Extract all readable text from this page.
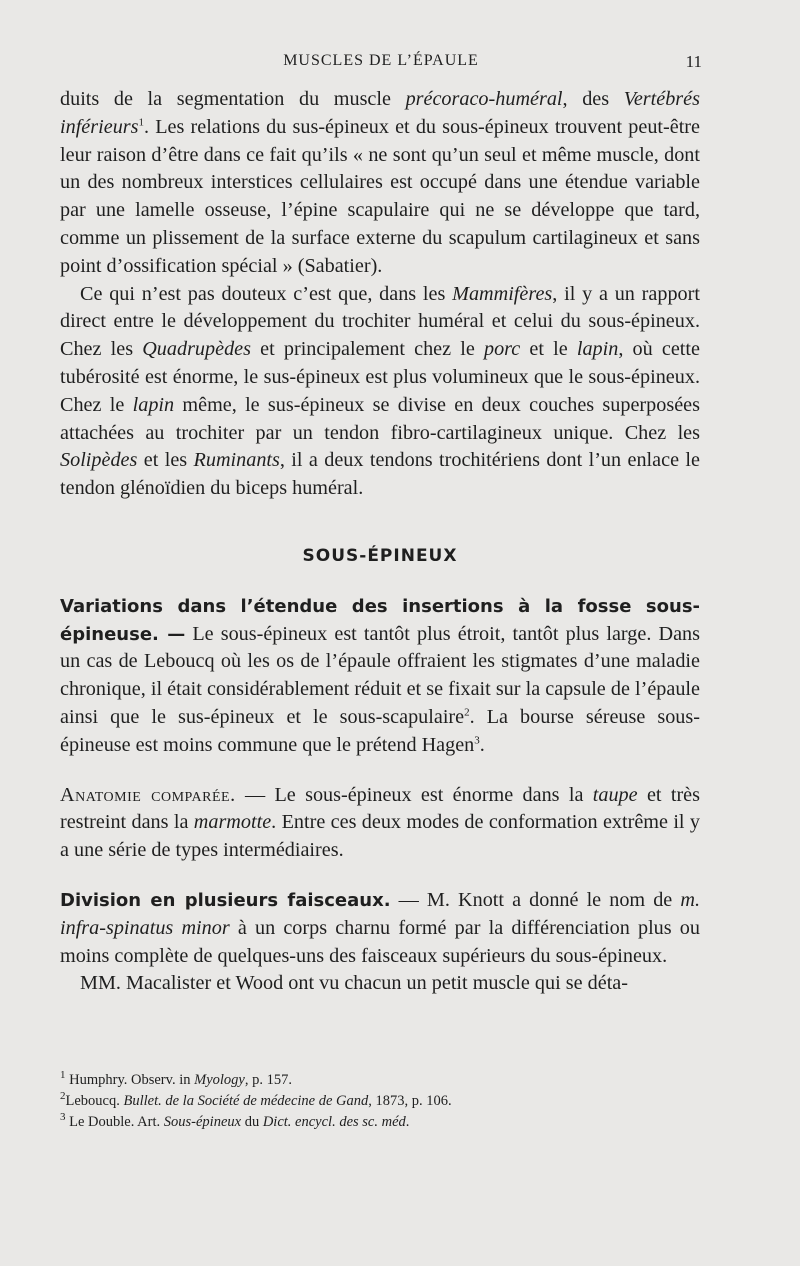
MUSCLES DE L’ÉPAULE	11

duits de la segmentation du muscle précoraco-huméral, des Vertébrés inférieurs$^1$. Les relations du sus-épineux et du sous-épineux trouvent peut-être leur raison d’être dans ce fait qu’ils « ne sont qu’un seul et même muscle, dont un des nombreux interstices cellulaires est occupé dans une étendue variable par une lamelle osseuse, l’épine scapulaire qui ne se développe que tard, comme un plissement de la surface externe du scapulum cartilagineux et sans point d’ossification spécial » (Sabatier).

Ce qui n’est pas douteux c’est que, dans les Mammifères, il y a un rapport direct entre le développement du trochiter huméral et celui du sous-épineux. Chez les Quadrupèdes et principalement chez le porc et le lapin, où cette tubérosité est énorme, le sus-épineux est plus volumineux que le sous-épineux. Chez le lapin même, le sus-épineux se divise en deux couches superposées attachées au trochiter par un tendon fibro-cartilagineux unique. Chez les Solipèdes et les Ruminants, il a deux tendons trochitériens dont l’un enlace le tendon glénoïdien du biceps huméral.

SOUS-ÉPINEUX

Variations dans l’étendue des insertions à la fosse sous-épineuse. — Le sous-épineux est tantôt plus étroit, tantôt plus large. Dans un cas de Leboucq où les os de l’épaule offraient les stigmates d’une maladie chronique, il était considérablement réduit et se fixait sur la capsule de l’épaule ainsi que le sus-épineux et le sous-scapulaire$^2$. La bourse séreuse sous-épineuse est moins commune que le prétend Hagen$^3$.

Anatomie comparée. — Le sous-épineux est énorme dans la taupe et très restreint dans la marmotte. Entre ces deux modes de conformation extrême il y a une série de types intermédiaires.

Division en plusieurs faisceaux. — M. Knott a donné le nom de m. infra-spinatus minor à un corps charnu formé par la différenciation plus ou moins complète de quelques-uns des faisceaux supérieurs du sous-épineux.

MM. Macalister et Wood ont vu chacun un petit muscle qui se déta-

$^1$ Humphry. Observ. in Myology, p. 157.
$^2$Leboucq. Bullet. de la Société de médecine de Gand, 1873, p. 106.
$^3$ Le Double. Art. Sous-épineux du Dict. encycl. des sc. méd.
